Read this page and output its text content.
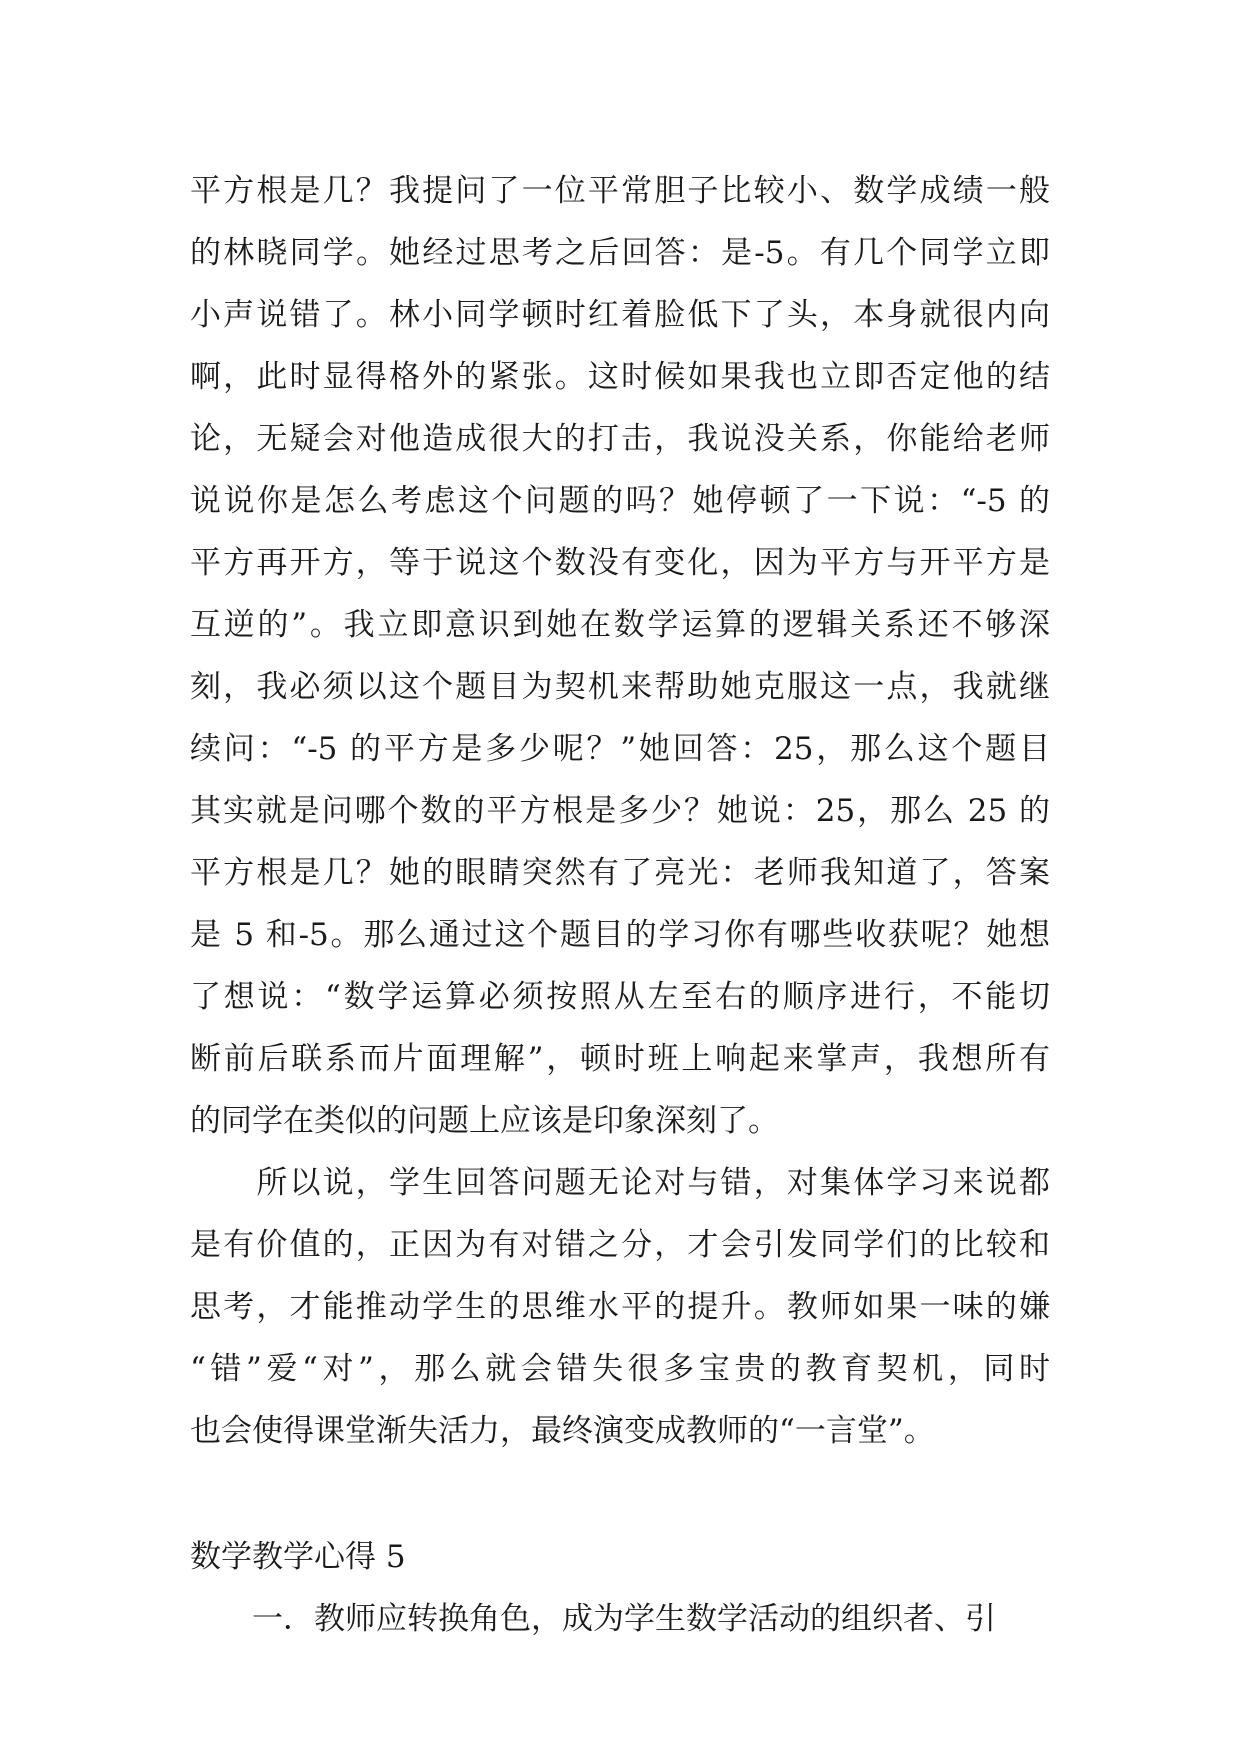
平方根是几？我提问了一位平常胆子比较小、数学成绩一般
的林晓同学。她经过思考之后回答：是-5。有几个同学立即
小声说错了。林小同学顿时红着脸低下了头，本身就很内向
啊，此时显得格外的紧张。这时候如果我也立即否定他的结
论，无疑会对他造成很大的打击，我说没关系，你能给老师
说说你是怎么考虑这个问题的吗？她停顿了一下说：“-5 的
平方再开方，等于说这个数没有变化，因为平方与开平方是
互逆的”。我立即意识到她在数学运算的逻辑关系还不够深
刻，我必须以这个题目为契机来帮助她克服这一点，我就继
续问：“-5 的平方是多少呢？”她回答：25，那么这个题目
其实就是问哪个数的平方根是多少？她说：25，那么 25 的
平方根是几？她的眼睛突然有了亮光：老师我知道了，答案
是 5 和-5。那么通过这个题目的学习你有哪些收获呢？她想
了想说：“数学运算必须按照从左至右的顺序进行，不能切
断前后联系而片面理解”，顿时班上响起来掌声，我想所有
的同学在类似的问题上应该是印象深刻了。
　　所以说，学生回答问题无论对与错，对集体学习来说都
是有价值的，正因为有对错之分，才会引发同学们的比较和
思考，才能推动学生的思维水平的提升。教师如果一味的嫌
“错”爱“对”，那么就会错失很多宝贵的教育契机，同时
也会使得课堂渐失活力，最终演变成教师的“一言堂”。
数学教学心得 5
　　一．教师应转换角色，成为学生数学活动的组织者、引
